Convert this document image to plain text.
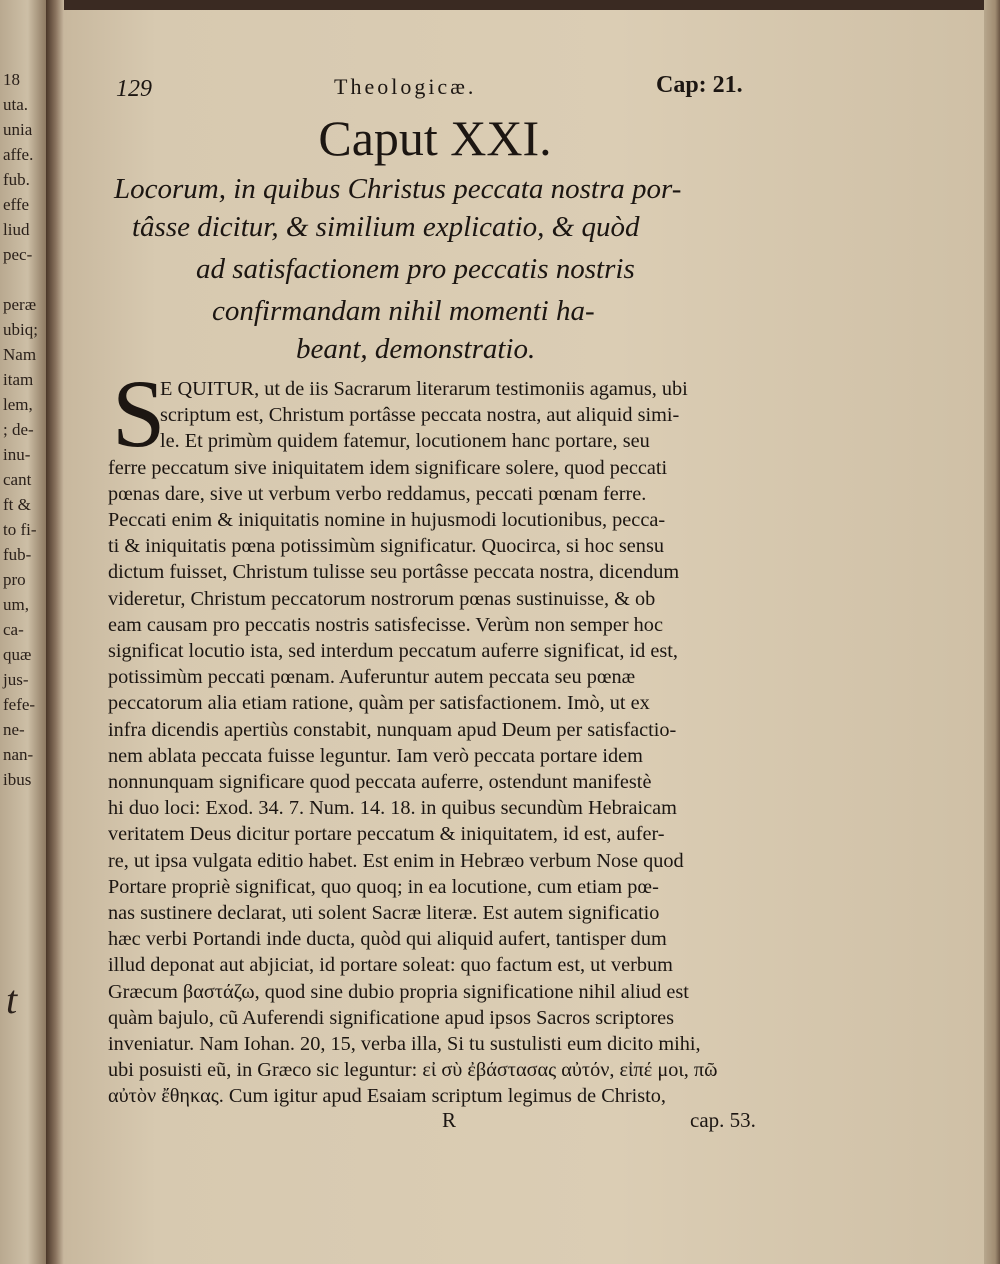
18
uta.
unia
affe.
fub.
effe
liud
pec-
peræ
ubiq;
Nam
itam
lem,
; de-
inu-
cant
ft &
to fi-
fub-
pro
um,
ca-
quæ
jus-
fefe-
ne-
nan-
ibus
t
129	Theologicæ.	Cap: 21.
Caput XXI.
Locorum, in quibus Christus peccata nostra por-
tâsse dicitur, & similium explicatio, & quòd
ad satisfactionem pro peccatis nostris
confirmandam nihil momenti ha-
beant, demonstratio.
S
E QUITUR, ut de iis Sacrarum literarum testimoniis agamus, ubi
scriptum est, Christum portâsse peccata nostra, aut aliquid simi-
le. Et primùm quidem fatemur, locutionem hanc portare, seu
ferre peccatum sive iniquitatem idem significare solere, quod peccati
pœnas dare, sive ut verbum verbo reddamus, peccati pœnam ferre.
Peccati enim & iniquitatis nomine in hujusmodi locutionibus, pecca-
ti & iniquitatis pœna potissimùm significatur. Quocirca, si hoc sensu
dictum fuisset, Christum tulisse seu portâsse peccata nostra, dicendum
videretur, Christum peccatorum nostrorum pœnas sustinuisse, & ob
eam causam pro peccatis nostris satisfecisse. Verùm non semper hoc
significat locutio ista, sed interdum peccatum auferre significat, id est,
potissimùm peccati pœnam. Auferuntur autem peccata seu pœnæ
peccatorum alia etiam ratione, quàm per satisfactionem. Imò, ut ex
infra dicendis apertiùs constabit, nunquam apud Deum per satisfactio-
nem ablata peccata fuisse leguntur. Iam verò peccata portare idem
nonnunquam significare quod peccata auferre, ostendunt manifestè
hi duo loci: Exod. 34. 7. Num. 14. 18. in quibus secundùm Hebraicam
veritatem Deus dicitur portare peccatum & iniquitatem, id est, aufer-
re, ut ipsa vulgata editio habet. Est enim in Hebræo verbum Nose quod
Portare propriè significat, quo quoq; in ea locutione, cum etiam pœ-
nas sustinere declarat, uti solent Sacræ literæ. Est autem significatio
hæc verbi Portandi inde ducta, quòd qui aliquid aufert, tantisper dum
illud deponat aut abjiciat, id portare soleat: quo factum est, ut verbum
Græcum βαστάζω, quod sine dubio propria significatione nihil aliud est
quàm bajulo, cũ Auferendi significatione apud ipsos Sacros scriptores
inveniatur. Nam Iohan. 20, 15, verba illa, Si tu sustulisti eum dicito mihi,
ubi posuisti eũ, in Græco sic leguntur: εἰ σὺ ἐβάστασας αὐτόν, εἰπέ μοι, πῶ
αὐτὸν ἔθηκας. Cum igitur apud Esaiam scriptum legimus de Christo,
R	cap. 53.
